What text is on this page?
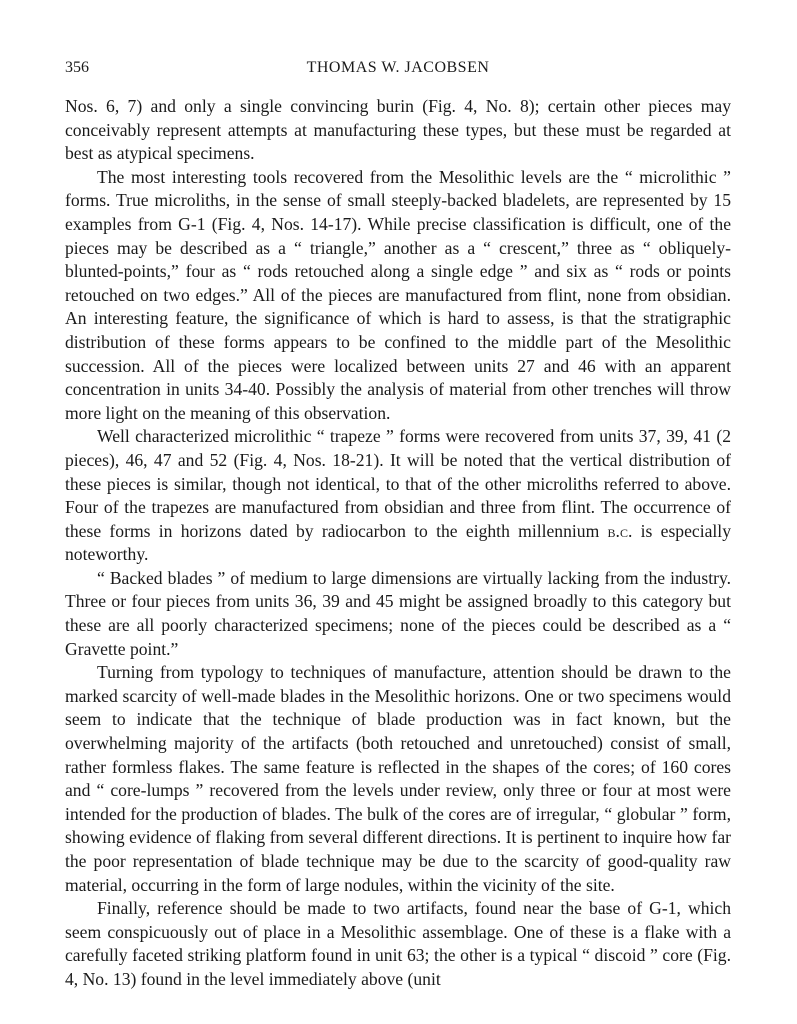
356	THOMAS W. JACOBSEN

Nos. 6, 7) and only a single convincing burin (Fig. 4, No. 8); certain other pieces may conceivably represent attempts at manufacturing these types, but these must be regarded at best as atypical specimens.

The most interesting tools recovered from the Mesolithic levels are the “ microlithic ” forms. True microliths, in the sense of small steeply-backed bladelets, are represented by 15 examples from G-1 (Fig. 4, Nos. 14-17). While precise classification is difficult, one of the pieces may be described as a “ triangle,” another as a “ crescent,” three as “ obliquely-blunted-points,” four as “ rods retouched along a single edge ” and six as “ rods or points retouched on two edges.” All of the pieces are manufactured from flint, none from obsidian. An interesting feature, the significance of which is hard to assess, is that the stratigraphic distribution of these forms appears to be confined to the middle part of the Mesolithic succession. All of the pieces were localized between units 27 and 46 with an apparent concentration in units 34-40. Possibly the analysis of material from other trenches will throw more light on the meaning of this observation.

Well characterized microlithic “ trapeze ” forms were recovered from units 37, 39, 41 (2 pieces), 46, 47 and 52 (Fig. 4, Nos. 18-21). It will be noted that the vertical distribution of these pieces is similar, though not identical, to that of the other microliths referred to above. Four of the trapezes are manufactured from obsidian and three from flint. The occurrence of these forms in horizons dated by radiocarbon to the eighth millennium b.c. is especially noteworthy.

“ Backed blades ” of medium to large dimensions are virtually lacking from the industry. Three or four pieces from units 36, 39 and 45 might be assigned broadly to this category but these are all poorly characterized specimens; none of the pieces could be described as a “ Gravette point.”

Turning from typology to techniques of manufacture, attention should be drawn to the marked scarcity of well-made blades in the Mesolithic horizons. One or two specimens would seem to indicate that the technique of blade production was in fact known, but the overwhelming majority of the artifacts (both retouched and unretouched) consist of small, rather formless flakes. The same feature is reflected in the shapes of the cores; of 160 cores and “ core-lumps ” recovered from the levels under review, only three or four at most were intended for the production of blades. The bulk of the cores are of irregular, “ globular ” form, showing evidence of flaking from several different directions. It is pertinent to inquire how far the poor representation of blade technique may be due to the scarcity of good-quality raw material, occurring in the form of large nodules, within the vicinity of the site.

Finally, reference should be made to two artifacts, found near the base of G-1, which seem conspicuously out of place in a Mesolithic assemblage. One of these is a flake with a carefully faceted striking platform found in unit 63; the other is a typical “ discoid ” core (Fig. 4, No. 13) found in the level immediately above (unit
